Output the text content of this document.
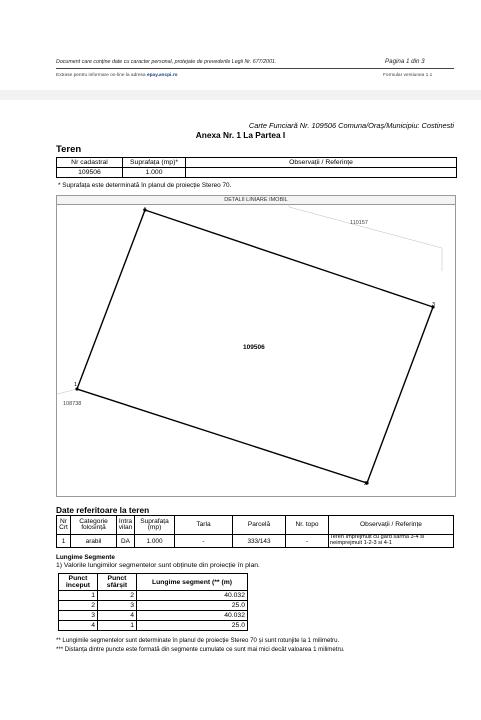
Document care conține date cu caracter personal, protejate de prevederile Legii Nr. 677/2001.	Pagina 1 din 3
Extrase pentru informare on-line la adresa epay.ancpi.ro	Formular versiunea 1.1
Carte Funciară Nr. 109506 Comuna/Oraș/Municipiu: Costinesti
Anexa Nr. 1 La Partea I
Teren
Nr cadastral	Suprafața (mp)*	Observații / Referințe
109506	1.000	
* Suprafața este determinată în planul de proiecție Stereo 70.
DETALII LINIARE IMOBIL
1
2
3
4
109506
110157
108738
Date referitoare la teren
Nr Crt	Categorie folosință	Intra vilan	Suprafața (mp)	Tarla	Parcelă	Nr. topo	Observații / Referințe
1	arabil	DA	1.000	-	333/143	-	Teren împrejmuit cu gard sarma 3-4 si neimprejmuit 1-2-3 si 4-1
Lungime Segmente
1) Valorile lungimilor segmentelor sunt obținute din proiecție în plan.
Punct început	Punct sfârșit	Lungime segment (** (m)
1	2	40.032
2	3	25.0
3	4	40.032
4	1	25.0
** Lungimile segmentelor sunt determinate în planul de proiecție Stereo 70 și sunt rotunjite la 1 milimetru.
*** Distanța dintre puncte este formată din segmente cumulate ce sunt mai mici decât valoarea 1 milimetru.
